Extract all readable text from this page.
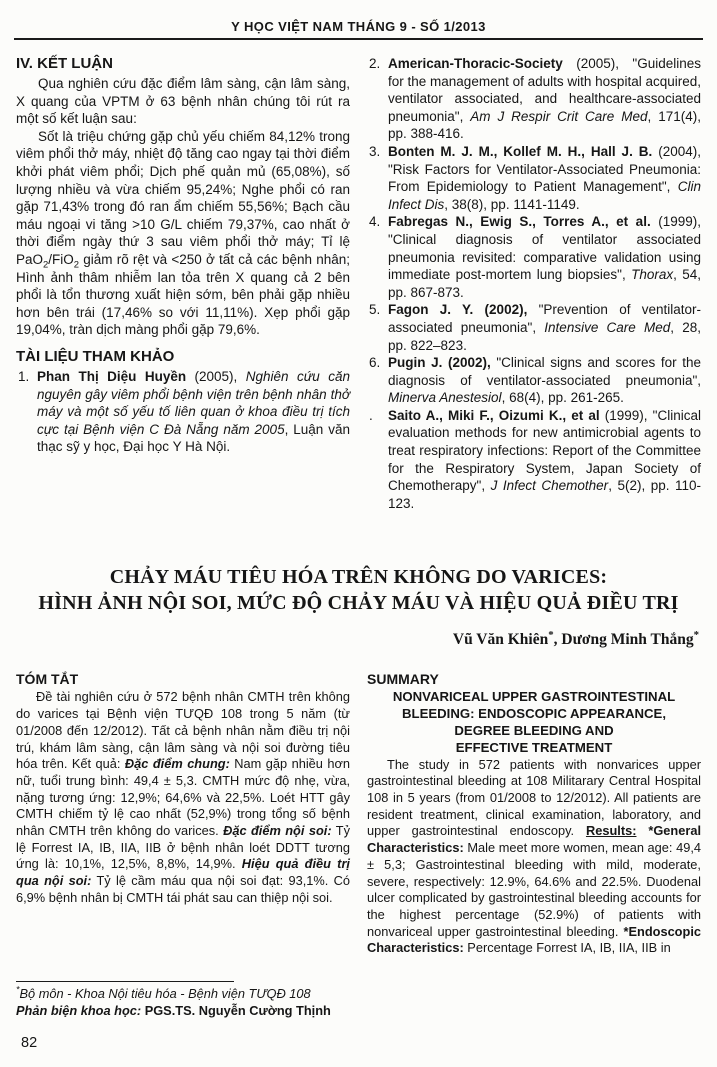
Y HỌC VIỆT NAM THÁNG 9 - SỐ 1/2013
IV. KẾT LUẬN

Qua nghiên cứu đặc điểm lâm sàng, cận lâm sàng, X quang của VPTM ở 63 bệnh nhân chúng tôi rút ra một số kết luận sau:

Sốt là triệu chứng gặp chủ yếu chiếm 84,12% trong viêm phổi thở máy, nhiệt độ tăng cao ngay tại thời điểm khởi phát viêm phổi; Dịch phế quản mủ (65,08%), số lượng nhiều và vừa chiếm 95,24%; Nghe phổi có ran gặp 71,43% trong đó ran ẩm chiếm 55,56%; Bạch cầu máu ngoại vi tăng >10 G/L chiếm 79,37%, cao nhất ở thời điểm ngày thứ 3 sau viêm phổi thở máy; Tỉ lệ PaO$_2$/FiO$_2$ giảm rõ rệt và <250 ở tất cả các bệnh nhân; Hình ảnh thâm nhiễm lan tỏa trên X quang cả 2 bên phổi là tổn thương xuất hiện sớm, bên phải gặp nhiều hơn bên trái (17,46% so với 11,11%). Xẹp phổi gặp 19,04%, tràn dịch màng phổi gặp 79,6%.

TÀI LIỆU THAM KHẢO
1. Phan Thị Diệu Huyền (2005), Nghiên cứu căn nguyên gây viêm phổi bệnh viện trên bệnh nhân thở máy và một số yếu tố liên quan ở khoa điều trị tích cực tại Bệnh viện C Đà Nẵng năm 2005, Luận văn thạc sỹ y học, Đại học Y Hà Nội.
2. American-Thoracic-Society (2005), "Guidelines for the management of adults with hospital acquired, ventilator associated, and healthcare-associated pneumonia", Am J Respir Crit Care Med, 171(4), pp. 388-416.
3. Bonten M. J. M., Kollef M. H., Hall J. B. (2004), "Risk Factors for Ventilator-Associated Pneumonia: From Epidemiology to Patient Management", Clin Infect Dis, 38(8), pp. 1141-1149.
4. Fabregas N., Ewig S., Torres A., et al. (1999), "Clinical diagnosis of ventilator associated pneumonia revisited: comparative validation using immediate post-mortem lung biopsies", Thorax, 54, pp. 867-873.
5. Fagon J. Y. (2002), "Prevention of ventilator-associated pneumonia", Intensive Care Med, 28, pp. 822–823.
6. Pugin J. (2002), "Clinical signs and scores for the diagnosis of ventilator-associated pneumonia", Minerva Anestesiol, 68(4), pp. 261-265.
. Saito A., Miki F., Oizumi K., et al (1999), "Clinical evaluation methods for new antimicrobial agents to treat respiratory infections: Report of the Committee for the Respiratory System, Japan Society of Chemotherapy", J Infect Chemother, 5(2), pp. 110-123.
CHẢY MÁU TIÊU HÓA TRÊN KHÔNG DO VARICES:
HÌNH ẢNH NỘI SOI, MỨC ĐỘ CHẢY MÁU VÀ HIỆU QUẢ ĐIỀU TRỊ
Vũ Văn Khiên*, Dương Minh Thắng*
TÓM TẮT

Đề tài nghiên cứu ở 572 bệnh nhân CMTH trên không do varices tại Bệnh viện TƯQĐ 108 trong 5 năm (từ 01/2008 đến 12/2012). Tất cả bệnh nhân nằm điều trị nội trú, khám lâm sàng, cận lâm sàng và nội soi đường tiêu hóa trên. Kết quả: Đặc điểm chung: Nam gặp nhiều hơn nữ, tuổi trung bình: 49,4 ± 5,3. CMTH mức độ nhẹ, vừa, nặng tương ứng: 12,9%; 64,6% và 22,5%. Loét HTT gây CMTH chiếm tỷ lệ cao nhất (52,9%) trong tổng số bệnh nhân CMTH trên không do varices. Đặc điểm nội soi: Tỷ lệ Forrest IA, IB, IIA, IIB ở bệnh nhân loét DDTT tương ứng là: 10,1%, 12,5%, 8,8%, 14,9%. Hiệu quả điều trị qua nội soi: Tỷ lệ cầm máu qua nội soi đạt: 93,1%. Có 6,9% bệnh nhân bị CMTH tái phát sau can thiệp nội soi.

SUMMARY
NONVARICEAL UPPER GASTROINTESTINAL
BLEEDING: ENDOSCOPIC APPEARANCE,
DEGREE BLEEDING AND
EFFECTIVE TREATMENT

The study in 572 patients with nonvarices upper gastrointestinal bleeding at 108 Militarary Central Hospital 108 in 5 years (from 01/2008 to 12/2012). All patients are resident treatment, clinical examination, laboratory, and upper gastrointestinal endoscopy. Results: *General Characteristics: Male meet more women, mean age: 49,4 ± 5,3; Gastrointestinal bleeding with mild, moderate, severe, respectively: 12.9%, 64.6% and 22.5%. Duodenal ulcer complicated by gastrointestinal bleeding accounts for the highest percentage (52.9%) of patients with nonvariceal upper gastrointestinal bleeding. *Endoscopic Characteristics: Percentage Forrest IA, IB, IIA, IIB in

*Bộ môn - Khoa Nội tiêu hóa - Bệnh viện TƯQĐ 108
Phản biện khoa học: PGS.TS. Nguyễn Cường Thịnh
82
